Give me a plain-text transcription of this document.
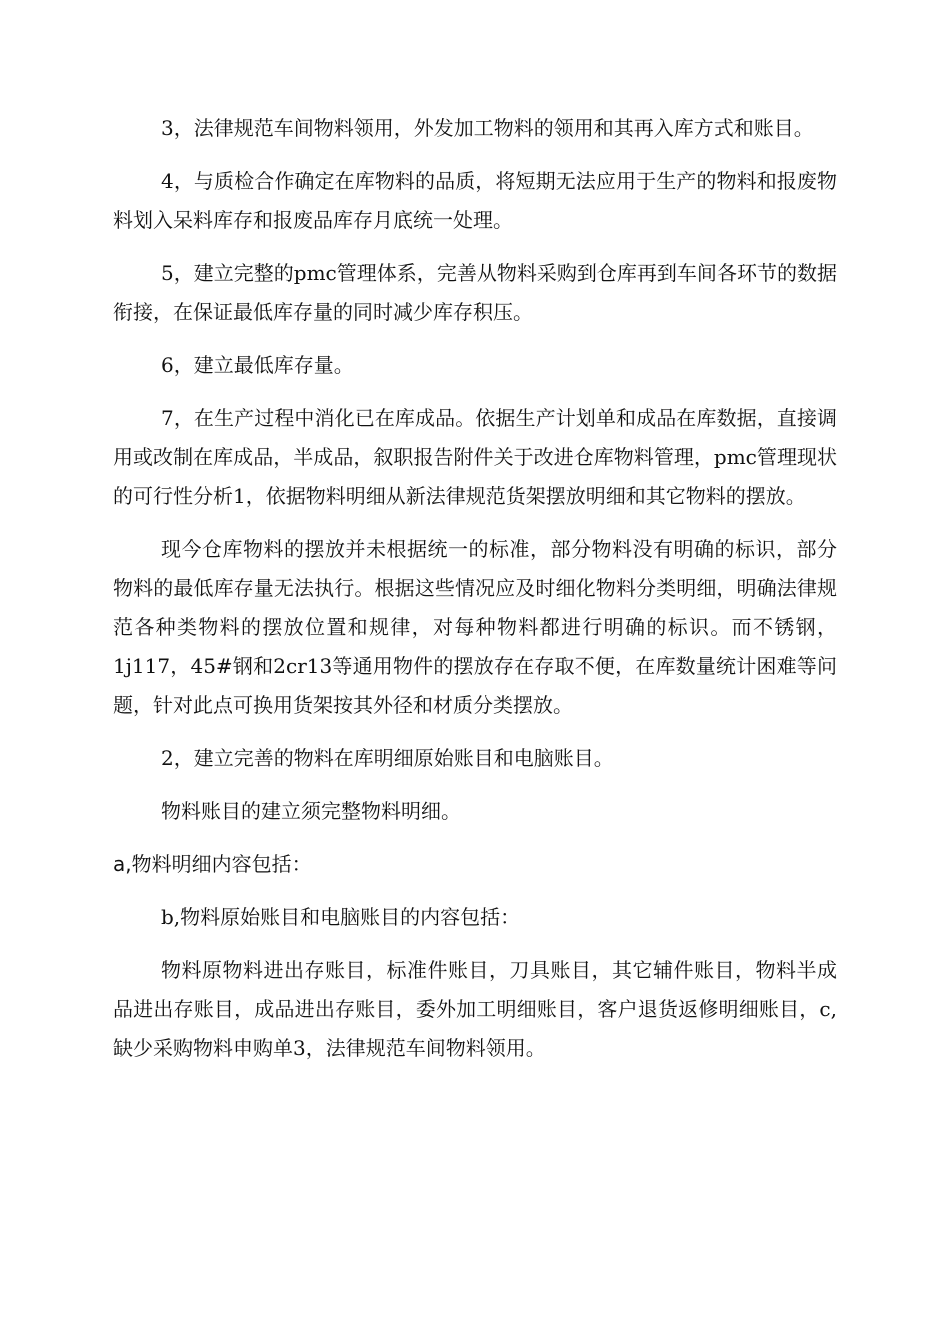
3，法律规范车间物料领用，外发加工物料的领用和其再入库方式和账目。

4，与质检合作确定在库物料的品质，将短期无法应用于生产的物料和报废物料划入呆料库存和报废品库存月底统一处理。

5，建立完整的pmc管理体系，完善从物料采购到仓库再到车间各环节的数据衔接，在保证最低库存量的同时减少库存积压。

6，建立最低库存量。

7，在生产过程中消化已在库成品。依据生产计划单和成品在库数据，直接调用或改制在库成品，半成品，叙职报告附件关于改进仓库物料管理，pmc管理现状的可行性分析1，依据物料明细从新法律规范货架摆放明细和其它物料的摆放。

现今仓库物料的摆放并未根据统一的标准，部分物料没有明确的标识，部分物料的最低库存量无法执行。根据这些情况应及时细化物料分类明细，明确法律规范各种类物料的摆放位置和规律，对每种物料都进行明确的标识。而不锈钢，1j117，45#钢和2cr13等通用物件的摆放存在存取不便，在库数量统计困难等问题，针对此点可换用货架按其外径和材质分类摆放。

2，建立完善的物料在库明细原始账目和电脑账目。

物料账目的建立须完整物料明细。

a,物料明细内容包括：

b,物料原始账目和电脑账目的内容包括：

物料原物料进出存账目，标准件账目，刀具账目，其它辅件账目，物料半成品进出存账目，成品进出存账目，委外加工明细账目，客户退货返修明细账目，c,缺少采购物料申购单3，法律规范车间物料领用。
